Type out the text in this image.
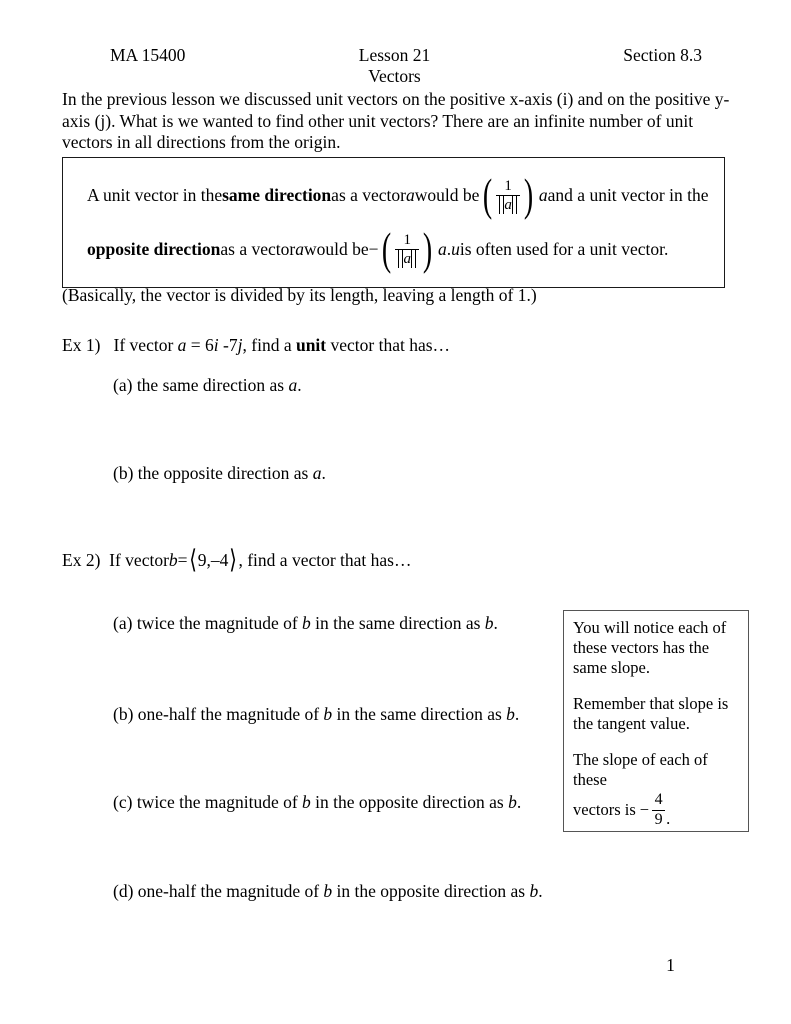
MA 15400	Lesson 21	Section 8.3
Vectors
In the previous lesson we discussed unit vectors on the positive x-axis (i) and on the positive y-axis (j). What is we wanted to find other unit vectors? There are an infinite number of unit vectors in all directions from the origin.
A unit vector in the same direction as a vector a would be ( $\frac{1}{a}$ ) a and a unit vector in the
opposite direction as a vector a would be − ( $\frac{1}{a}$ ) a . u is often used for a unit vector.
(Basically, the vector is divided by its length, leaving a length of 1.)
Ex 1) If vector a = 6i -7j, find a unit vector that has…
(a) the same direction as a.
(b) the opposite direction as a.
Ex 2)
If vector b = ⟨ 9,–4 ⟩ , find a vector that has…
(a) twice the magnitude of b in the same direction as b.
(b) one-half the magnitude of b in the same direction as b.
(c) twice the magnitude of b in the opposite direction as b.
(d) one-half the magnitude of b in the opposite direction as b.

You will notice each of these vectors has the same slope.

Remember that slope is the tangent value.

The slope of each of these

vectors is − $\frac{4}{9}$ .
1
